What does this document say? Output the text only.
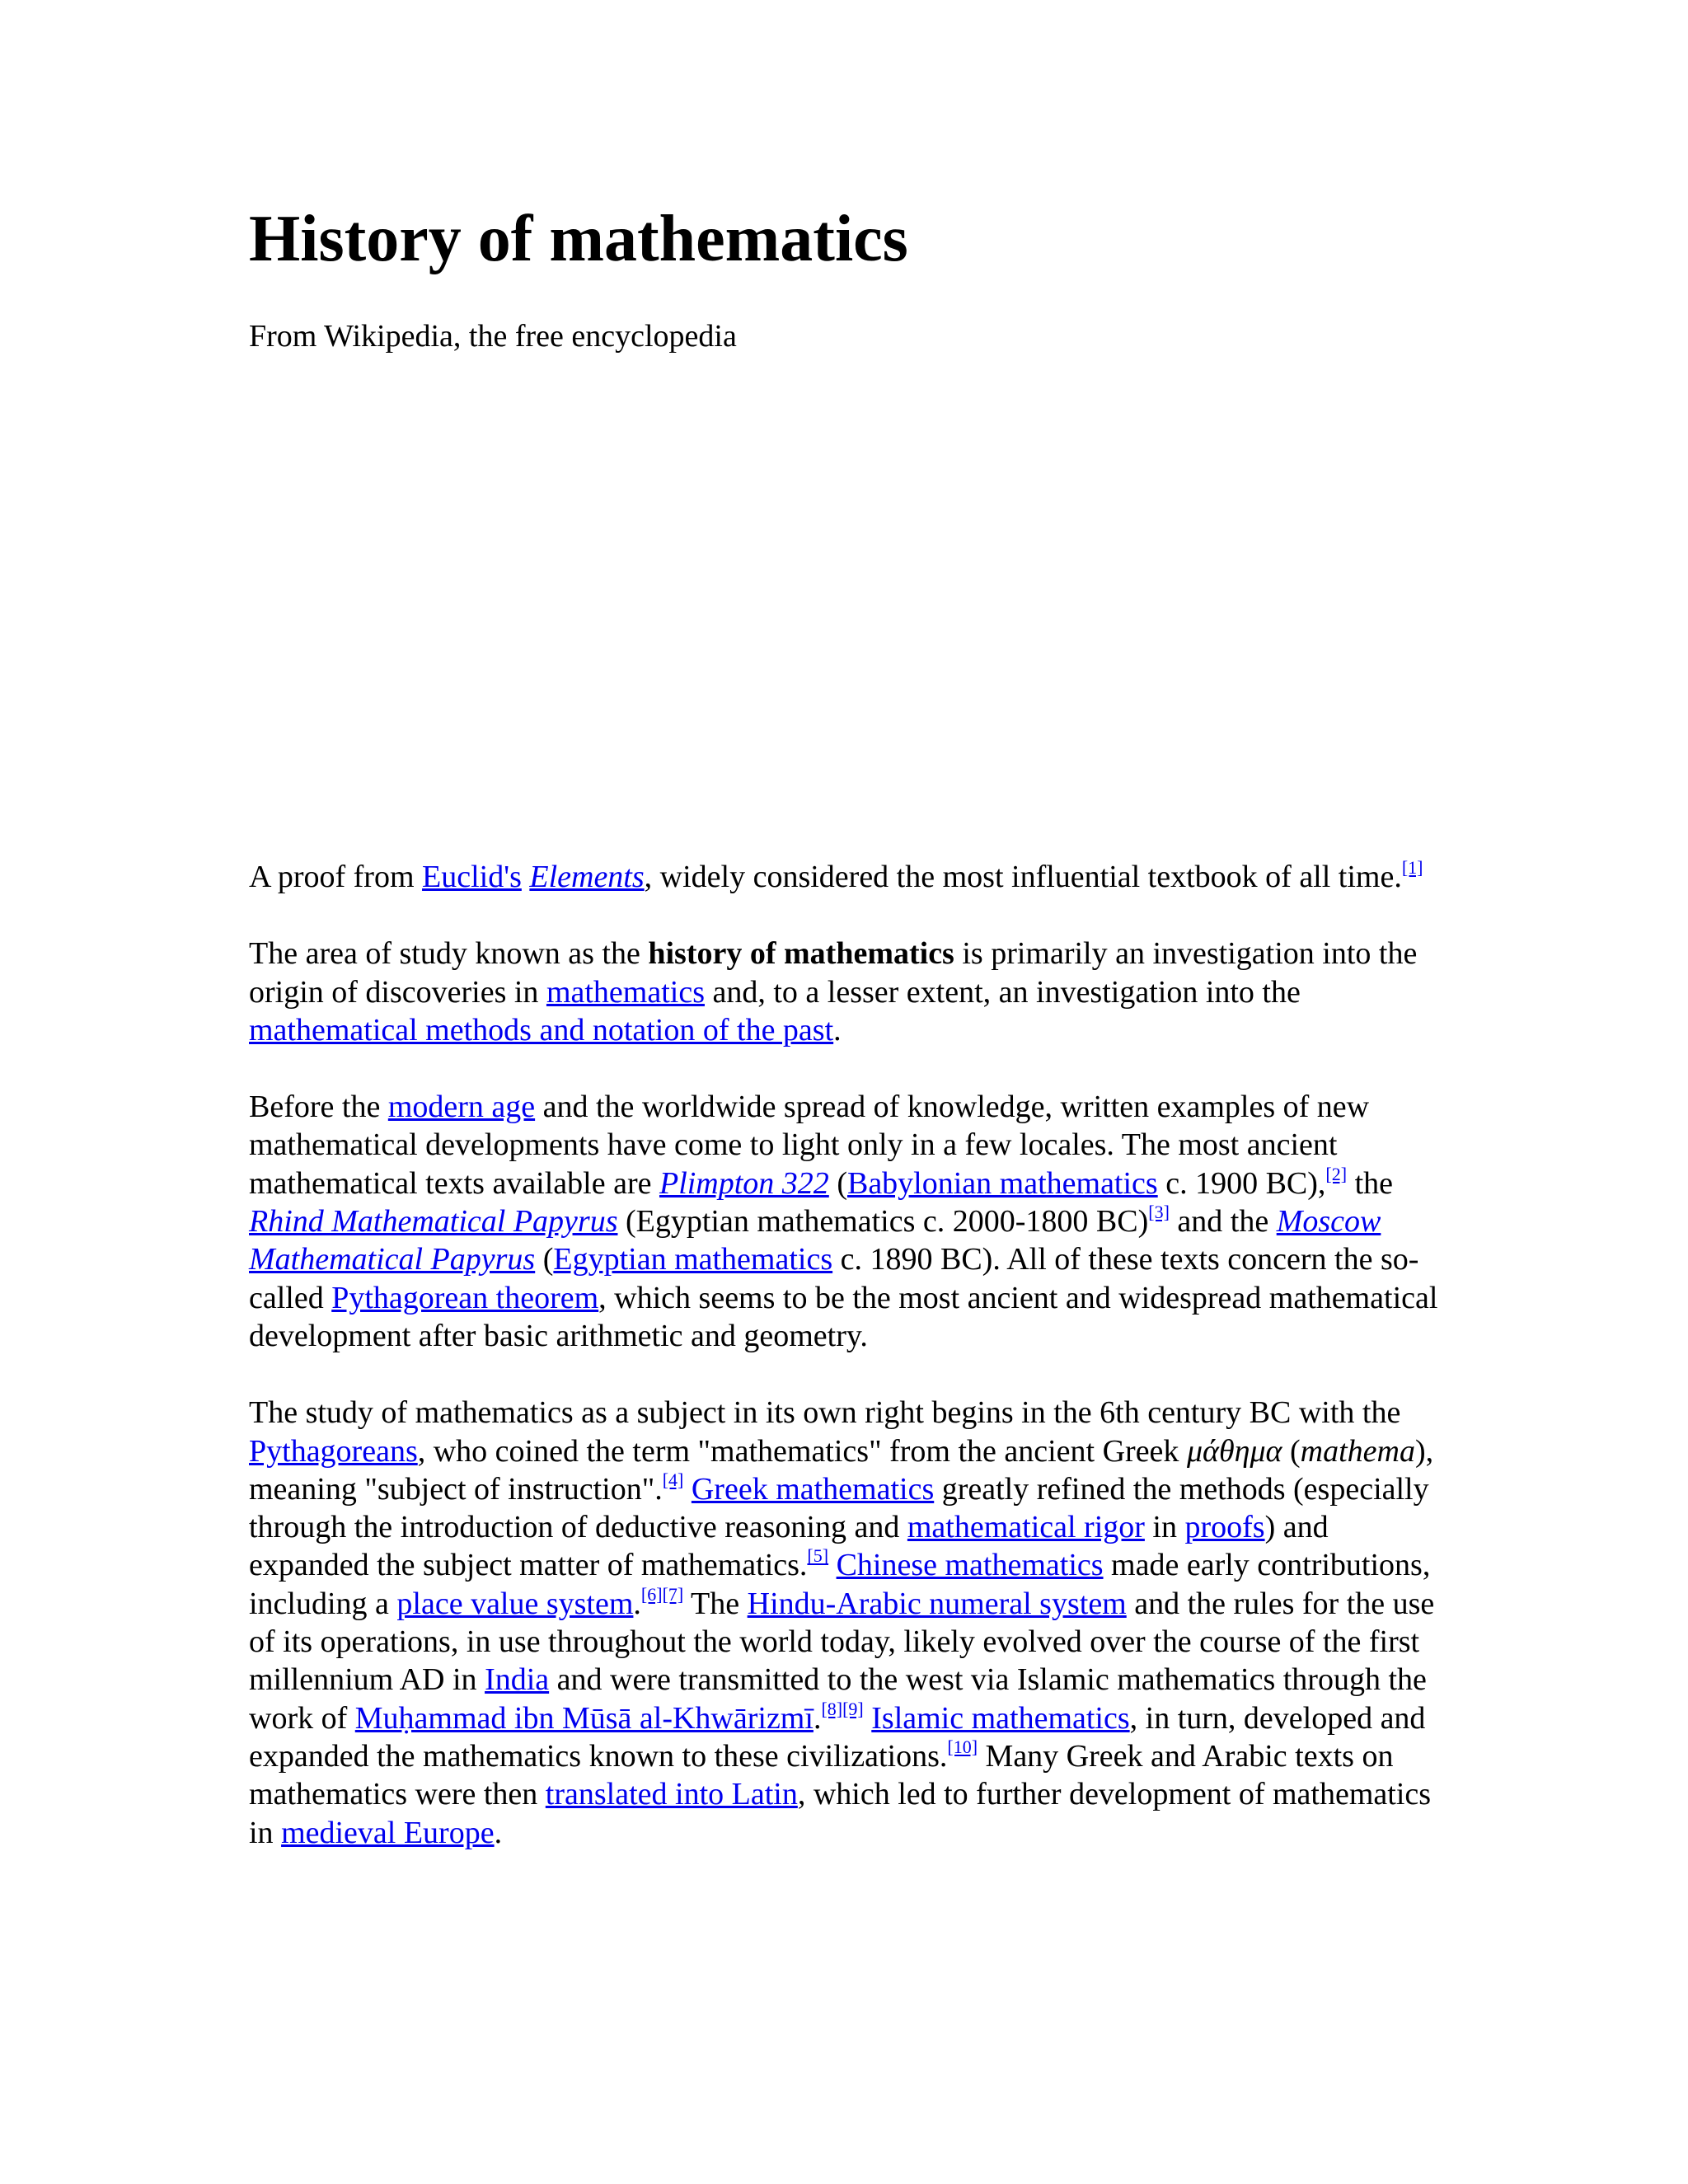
History of mathematics
From Wikipedia, the free encyclopedia

A proof from Euclid's Elements, widely considered the most influential textbook of all time.[1]

The area of study known as the history of mathematics is primarily an investigation into the origin of discoveries in mathematics and, to a lesser extent, an investigation into the mathematical methods and notation of the past.

Before the modern age and the worldwide spread of knowledge, written examples of new mathematical developments have come to light only in a few locales. The most ancient mathematical texts available are Plimpton 322 (Babylonian mathematics c. 1900 BC),[2] the Rhind Mathematical Papyrus (Egyptian mathematics c. 2000-1800 BC)[3] and the Moscow Mathematical Papyrus (Egyptian mathematics c. 1890 BC). All of these texts concern the so-called Pythagorean theorem, which seems to be the most ancient and widespread mathematical development after basic arithmetic and geometry.

The study of mathematics as a subject in its own right begins in the 6th century BC with the Pythagoreans, who coined the term "mathematics" from the ancient Greek μάθημα (mathema), meaning "subject of instruction".[4] Greek mathematics greatly refined the methods (especially through the introduction of deductive reasoning and mathematical rigor in proofs) and expanded the subject matter of mathematics.[5] Chinese mathematics made early contributions, including a place value system.[6][7] The Hindu-Arabic numeral system and the rules for the use of its operations, in use throughout the world today, likely evolved over the course of the first millennium AD in India and were transmitted to the west via Islamic mathematics through the work of Muḥammad ibn Mūsā al-Khwārizmī.[8][9] Islamic mathematics, in turn, developed and expanded the mathematics known to these civilizations.[10] Many Greek and Arabic texts on mathematics were then translated into Latin, which led to further development of mathematics in medieval Europe.
